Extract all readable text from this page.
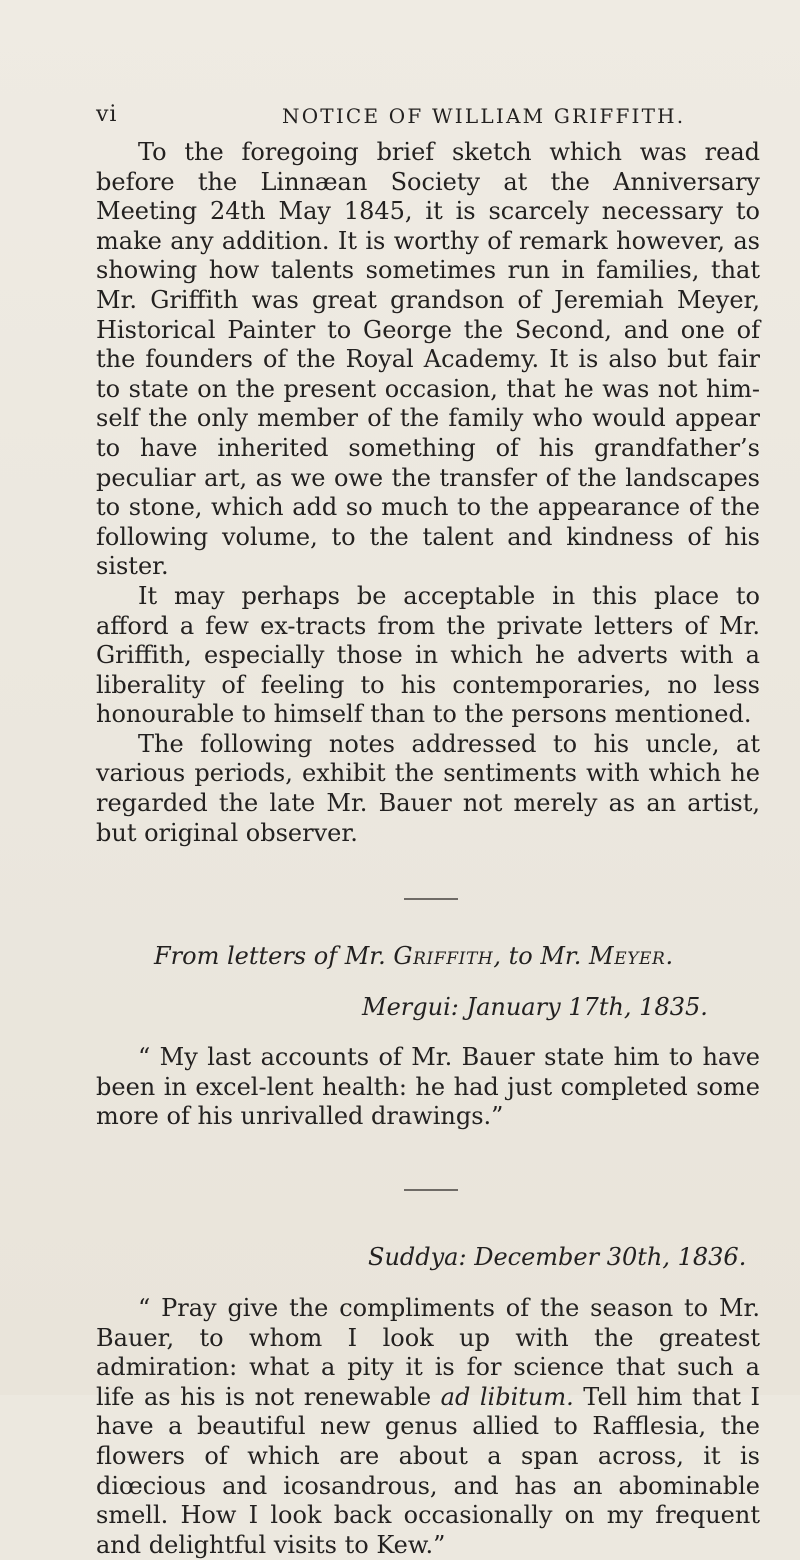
vi	NOTICE OF WILLIAM GRIFFITH.

To the foregoing brief sketch which was read before the Linnæan Society at the Anniversary Meeting 24th May 1845, it is scarcely necessary to make any addition. It is worthy of remark however, as showing how talents sometimes run in families, that Mr. Griffith was great grandson of Jeremiah Meyer, Historical Painter to George the Second, and one of the founders of the Royal Academy. It is also but fair to state on the present occasion, that he was not him-self the only member of the family who would appear to have inherited something of his grandfather’s peculiar art, as we owe the transfer of the landscapes to stone, which add so much to the appearance of the following volume, to the talent and kindness of his sister.

It may perhaps be acceptable in this place to afford a few ex-tracts from the private letters of Mr. Griffith, especially those in which he adverts with a liberality of feeling to his contemporaries, no less honourable to himself than to the persons mentioned.

The following notes addressed to his uncle, at various periods, exhibit the sentiments with which he regarded the late Mr. Bauer not merely as an artist, but original observer.

From letters of Mr. Griffith, to Mr. Meyer.

Mergui: January 17th, 1835.

“ My last accounts of Mr. Bauer state him to have been in excel-lent health: he had just completed some more of his unrivalled drawings.”

Suddya: December 30th, 1836.

“ Pray give the compliments of the season to Mr. Bauer, to whom I look up with the greatest admiration: what a pity it is for science that such a life as his is not renewable ad libitum. Tell him that I have a beautiful new genus allied to Rafflesia, the flowers of which are about a span across, it is diœcious and icosandrous, and has an abominable smell. How I look back occasionally on my frequent and delightful visits to Kew.”
